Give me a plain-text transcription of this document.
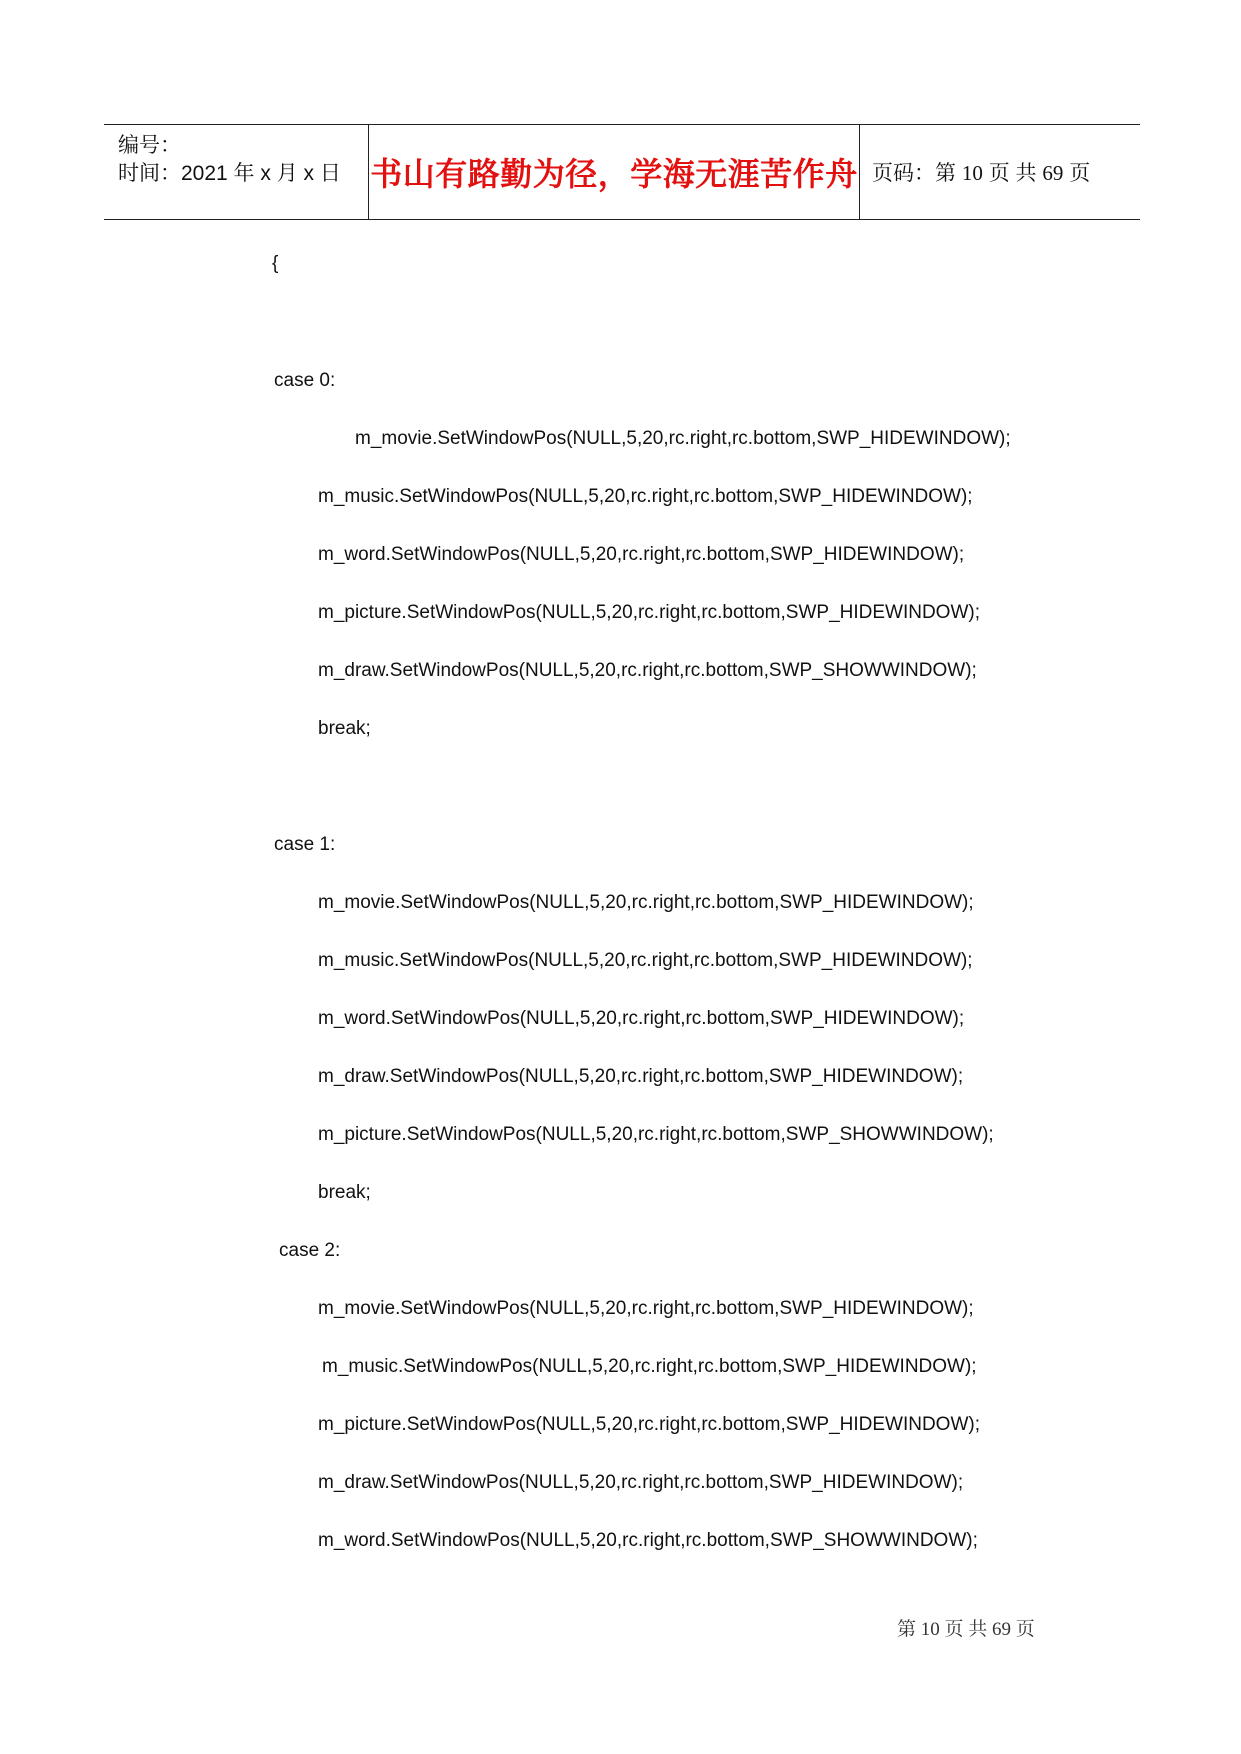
编号：
时间：2021 年 x 月 x 日 书山有路勤为径，学海无涯苦作舟 页码：第 10 页 共 69 页
{
case 0:
m_movie.SetWindowPos(NULL,5,20,rc.right,rc.bottom,SWP_HIDEWINDOW);
m_music.SetWindowPos(NULL,5,20,rc.right,rc.bottom,SWP_HIDEWINDOW);
m_word.SetWindowPos(NULL,5,20,rc.right,rc.bottom,SWP_HIDEWINDOW);
m_picture.SetWindowPos(NULL,5,20,rc.right,rc.bottom,SWP_HIDEWINDOW);
m_draw.SetWindowPos(NULL,5,20,rc.right,rc.bottom,SWP_SHOWWINDOW);
break;
case 1:
m_movie.SetWindowPos(NULL,5,20,rc.right,rc.bottom,SWP_HIDEWINDOW);
m_music.SetWindowPos(NULL,5,20,rc.right,rc.bottom,SWP_HIDEWINDOW);
m_word.SetWindowPos(NULL,5,20,rc.right,rc.bottom,SWP_HIDEWINDOW);
m_draw.SetWindowPos(NULL,5,20,rc.right,rc.bottom,SWP_HIDEWINDOW);
m_picture.SetWindowPos(NULL,5,20,rc.right,rc.bottom,SWP_SHOWWINDOW);
break;
case 2:
m_movie.SetWindowPos(NULL,5,20,rc.right,rc.bottom,SWP_HIDEWINDOW);
m_music.SetWindowPos(NULL,5,20,rc.right,rc.bottom,SWP_HIDEWINDOW);
m_picture.SetWindowPos(NULL,5,20,rc.right,rc.bottom,SWP_HIDEWINDOW);
m_draw.SetWindowPos(NULL,5,20,rc.right,rc.bottom,SWP_HIDEWINDOW);
m_word.SetWindowPos(NULL,5,20,rc.right,rc.bottom,SWP_SHOWWINDOW);
第 10 页 共 69 页
